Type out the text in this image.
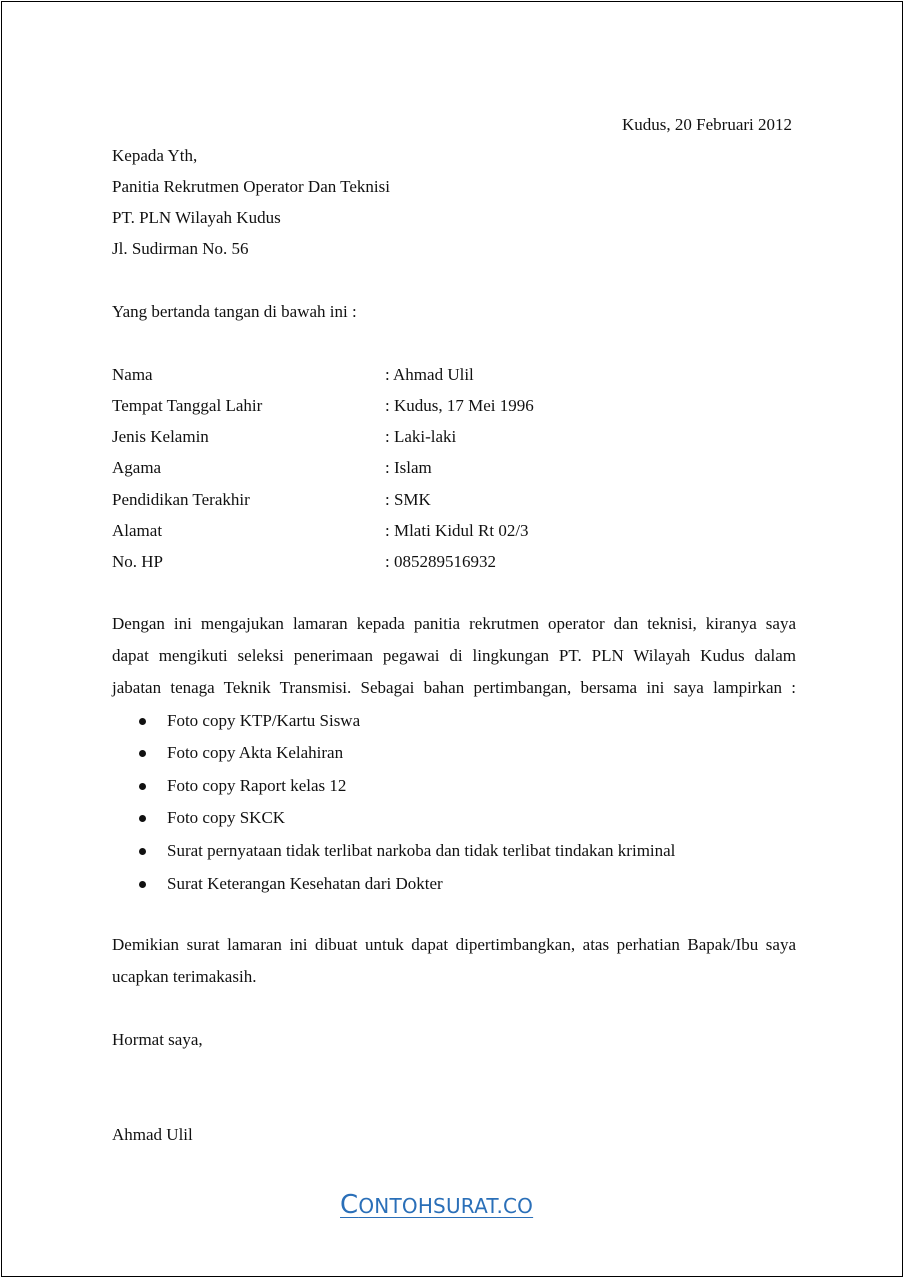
Kudus, 20 Februari 2012
Kepada Yth,
Panitia Rekrutmen Operator Dan Teknisi
PT. PLN Wilayah Kudus
Jl. Sudirman No. 56
Yang bertanda tangan di bawah ini :
Nama	: Ahmad Ulil
Tempat Tanggal Lahir	: Kudus, 17 Mei 1996
Jenis Kelamin	: Laki-laki
Agama	: Islam
Pendidikan Terakhir	: SMK
Alamat	: Mlati Kidul Rt 02/3
No. HP	: 085289516932
Dengan ini mengajukan lamaran kepada panitia rekrutmen operator dan teknisi, kiranya saya
dapat mengikuti seleksi penerimaan pegawai di lingkungan PT. PLN Wilayah Kudus dalam
jabatan tenaga Teknik Transmisi. Sebagai bahan pertimbangan, bersama ini saya lampirkan :
Foto copy KTP/Kartu Siswa
Foto copy Akta Kelahiran
Foto copy Raport kelas 12
Foto copy SKCK
Surat pernyataan tidak terlibat narkoba dan tidak terlibat tindakan kriminal
Surat Keterangan Kesehatan dari Dokter
Demikian surat lamaran ini dibuat untuk dapat dipertimbangkan, atas perhatian Bapak/Ibu saya
ucapkan terimakasih.
Hormat saya,
Ahmad Ulil
CONTOHSURAT.CO
